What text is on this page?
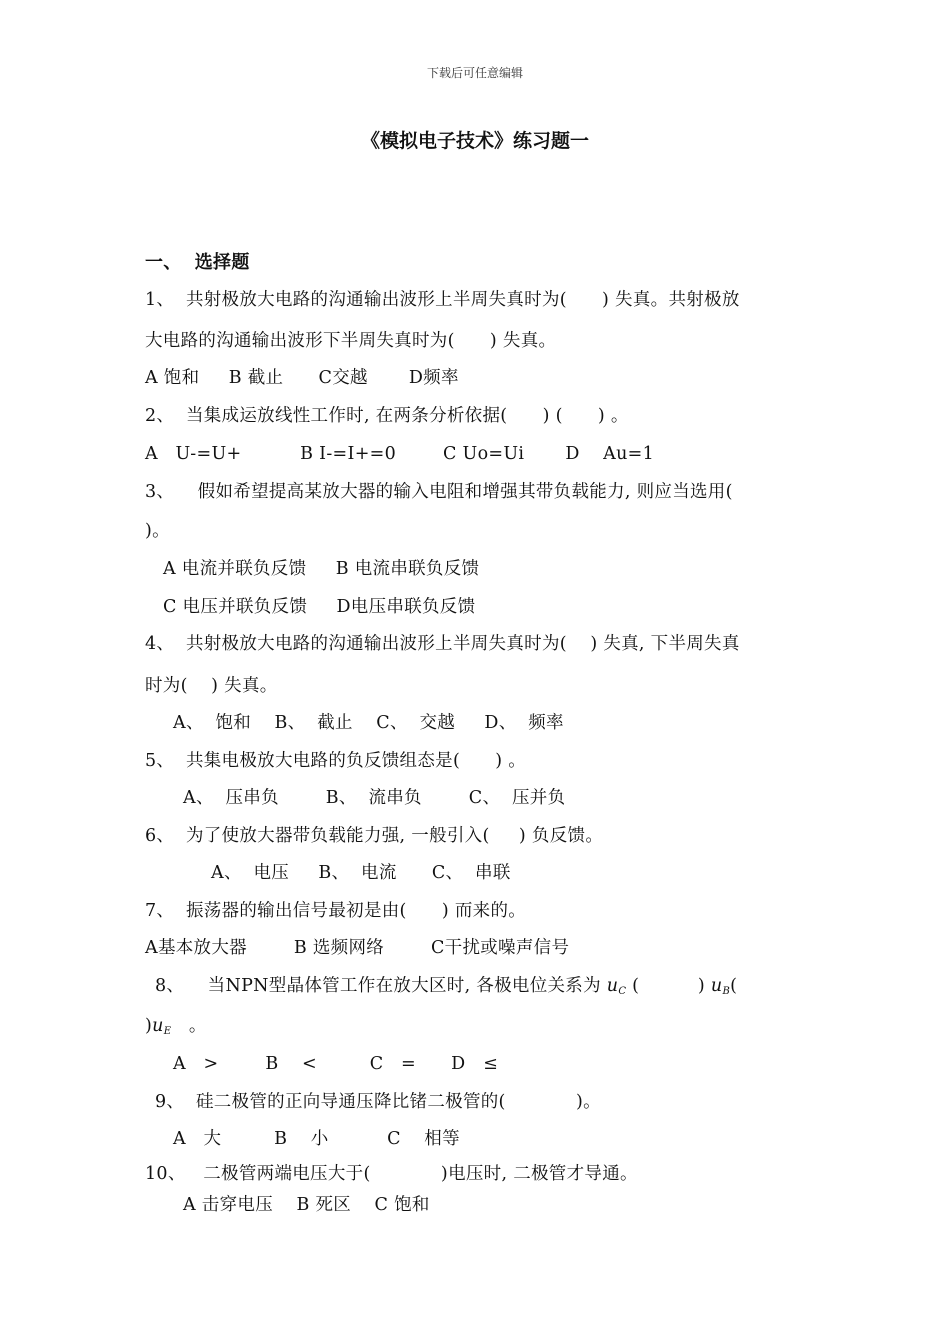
下载后可任意编辑
《模拟电子技术》练习题一
一、  选择题
1、  共射极放大电路的沟通输出波形上半周失真时为(      ) 失真。共射极放
大电路的沟通输出波形下半周失真时为(      ) 失真。
A 饱和     B 截止      C交越       D频率
2、  当集成运放线性工作时, 在两条分析依据(      ) (      ) 。
A   U-=U+          B I-=I+=0        C Uo=Ui       D    Au=1
3、    假如希望提高某放大器的输入电阻和增强其带负载能力, 则应当选用(
)。
A 电流并联负反馈     B 电流串联负反馈
C 电压并联负反馈     D电压串联负反馈
4、  共射极放大电路的沟通输出波形上半周失真时为(    ) 失真, 下半周失真
时为(    ) 失真。
A、  饱和    B、  截止    C、  交越     D、  频率
5、  共集电极放大电路的负反馈组态是(      ) 。
A、  压串负        B、  流串负        C、  压并负
6、  为了使放大器带负载能力强, 一般引入(     ) 负反馈。
A、  电压     B、  电流      C、  串联
7、  振荡器的输出信号最初是由(      ) 而来的。
A基本放大器        B 选频网络        C干扰或噪声信号
8、    当NPN型晶体管工作在放大区时, 各极电位关系为 $u_C$ (          ) $u_B$(
)$u_E$   。
A   >        B    <         C   =      D   ≤
9、  硅二极管的正向导通压降比锗二极管的(            )。
A   大         B    小          C    相等
10、   二极管两端电压大于(            )电压时, 二极管才导通。
A 击穿电压    B 死区    C 饱和
